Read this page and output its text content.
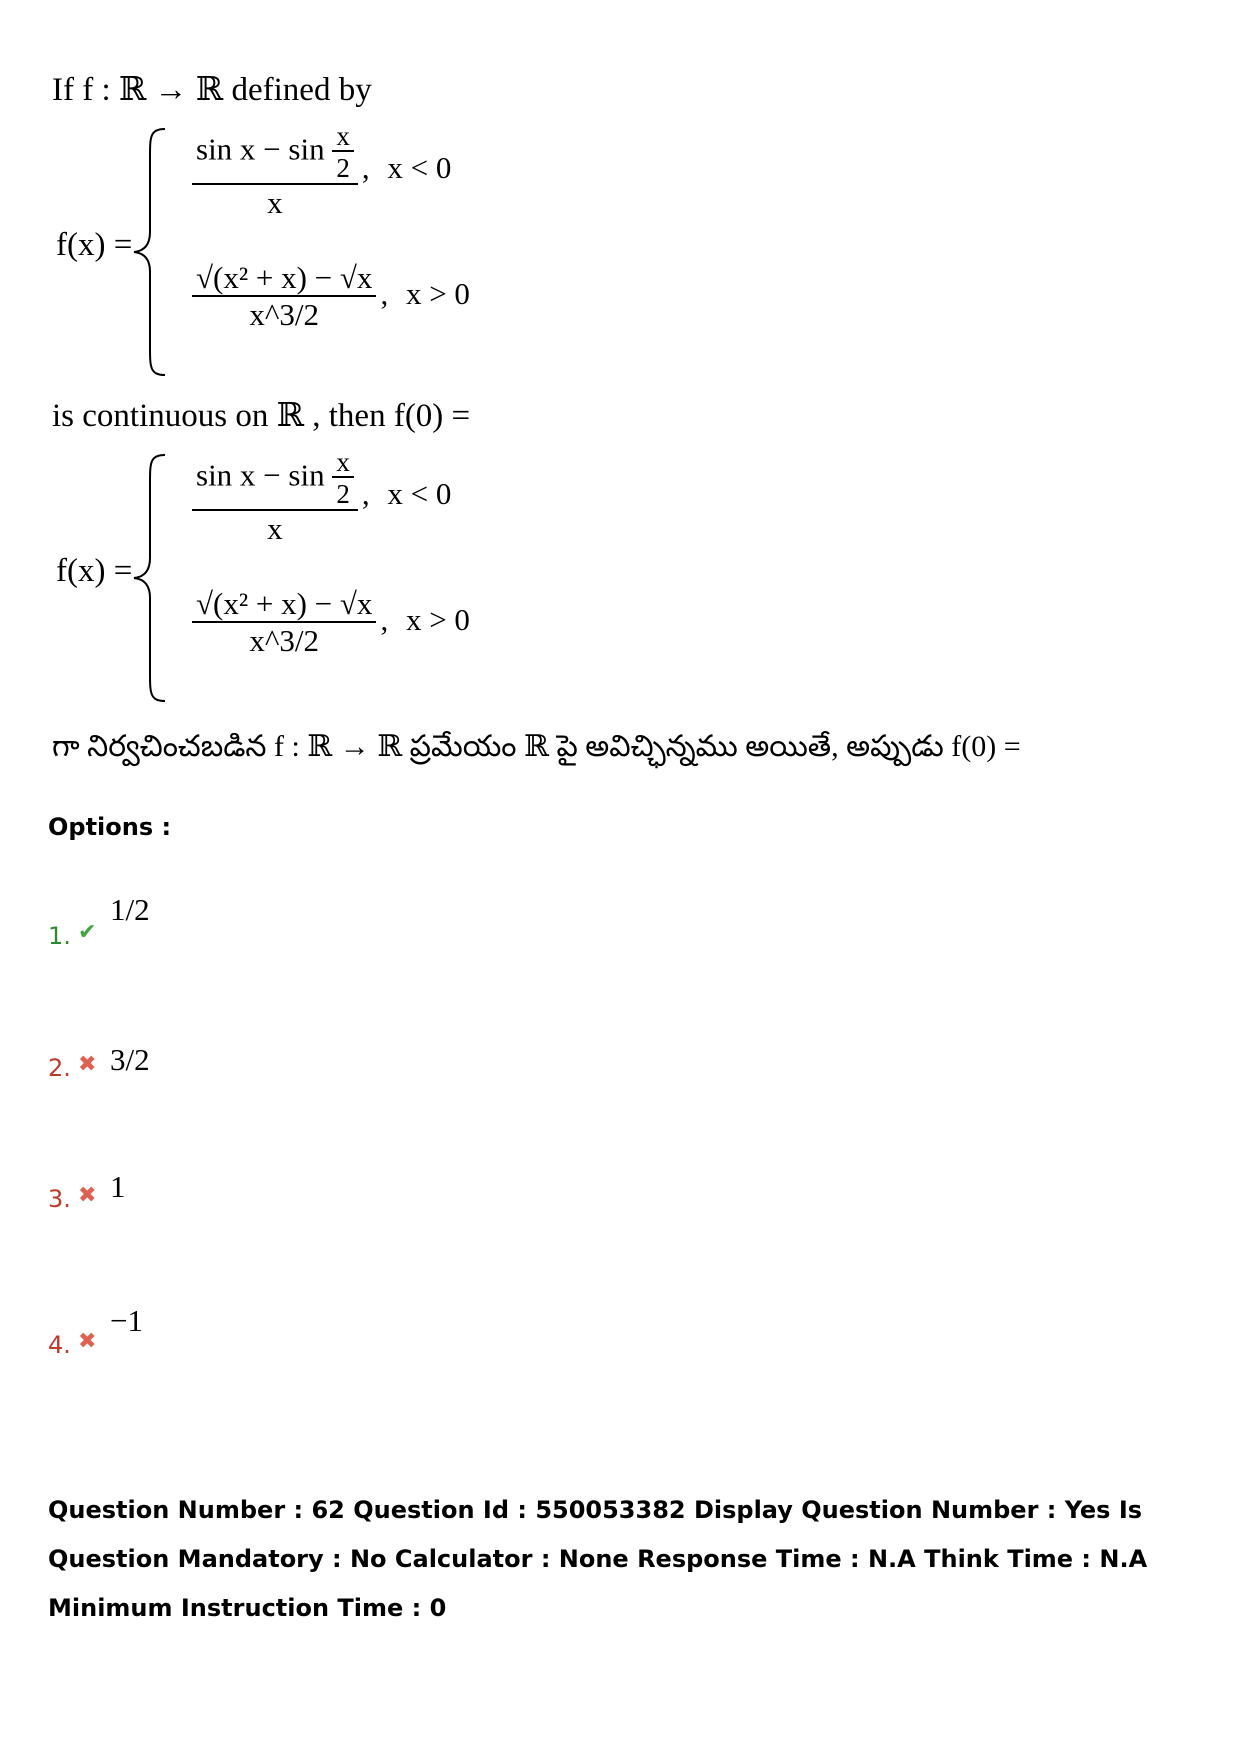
If f : ℝ → ℝ defined by
f(x) =
$\frac{\sin x - \sin \frac{x}{2}}{x}$ , x < 0
$\frac{\text{√(x² + x) − √x}}{x\^{}3/2}$ , x > 0
is continuous on ℝ , then f(0) =
f(x) =
$\frac{\sin x - \sin \frac{x}{2}}{x}$ , x < 0
$\frac{\text{√(x² + x) − √x}}{x\^{}3/2}$ , x > 0
గా నిర్వచించబడిన f : ℝ → ℝ ప్రమేయం ℝ పై అవిచ్ఛిన్నము అయితే, అప్పుడు f(0) =
Options :
1. ✔
1/2
2. ✖ 3/2
3. ✖ 1
4. ✖
−1
Question Number : 62 Question Id : 550053382 Display Question Number : Yes Is Question Mandatory : No Calculator : None Response Time : N.A Think Time : N.A Minimum Instruction Time : 0
